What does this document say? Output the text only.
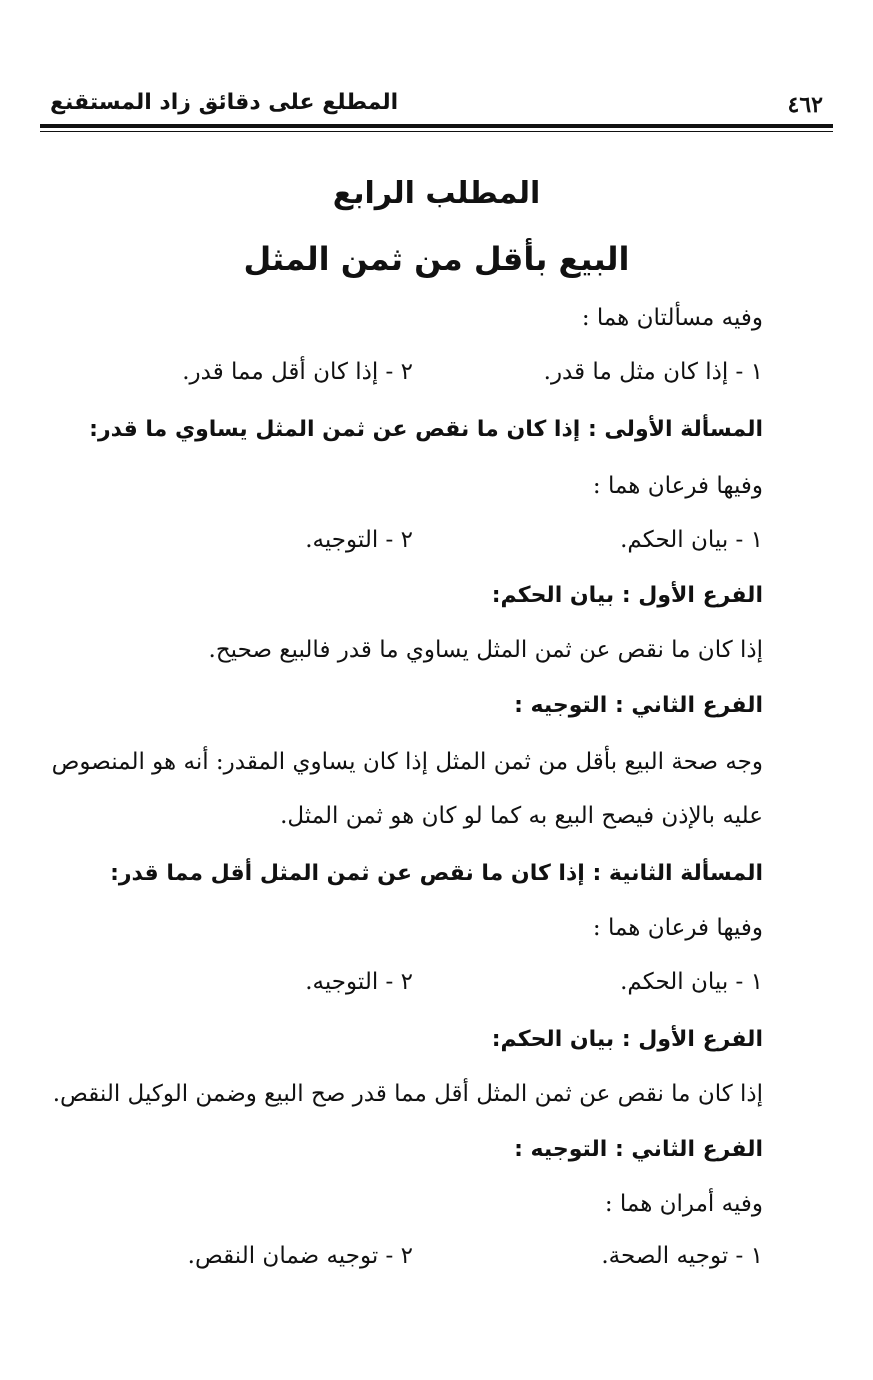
٤٦٢
المطلع على دقائق زاد المستقنع
المطلب الرابع
البيع بأقل من ثمن المثل
وفيه مسألتان هما :
١ - إذا كان مثل ما قدر.
٢ - إذا كان أقل مما قدر.
المسألة الأولى : إذا كان ما نقص عن ثمن المثل يساوي ما قدر:
وفيها فرعان هما :
١ - بيان الحكم.
٢ - التوجيه.
الفرع الأول : بيان الحكم:
إذا كان ما نقص عن ثمن المثل يساوي ما قدر فالبيع صحيح.
الفرع الثاني : التوجيه :
وجه صحة البيع بأقل من ثمن المثل إذا كان يساوي المقدر: أنه هو المنصوص
عليه بالإذن فيصح البيع به كما لو كان هو ثمن المثل.
المسألة الثانية : إذا كان ما نقص عن ثمن المثل أقل مما قدر:
وفيها فرعان هما :
١ - بيان الحكم.
٢ - التوجيه.
الفرع الأول : بيان الحكم:
إذا كان ما نقص عن ثمن المثل أقل مما قدر صح البيع وضمن الوكيل النقص.
الفرع الثاني : التوجيه :
وفيه أمران هما :
١ - توجيه الصحة.
٢ - توجيه ضمان النقص.
